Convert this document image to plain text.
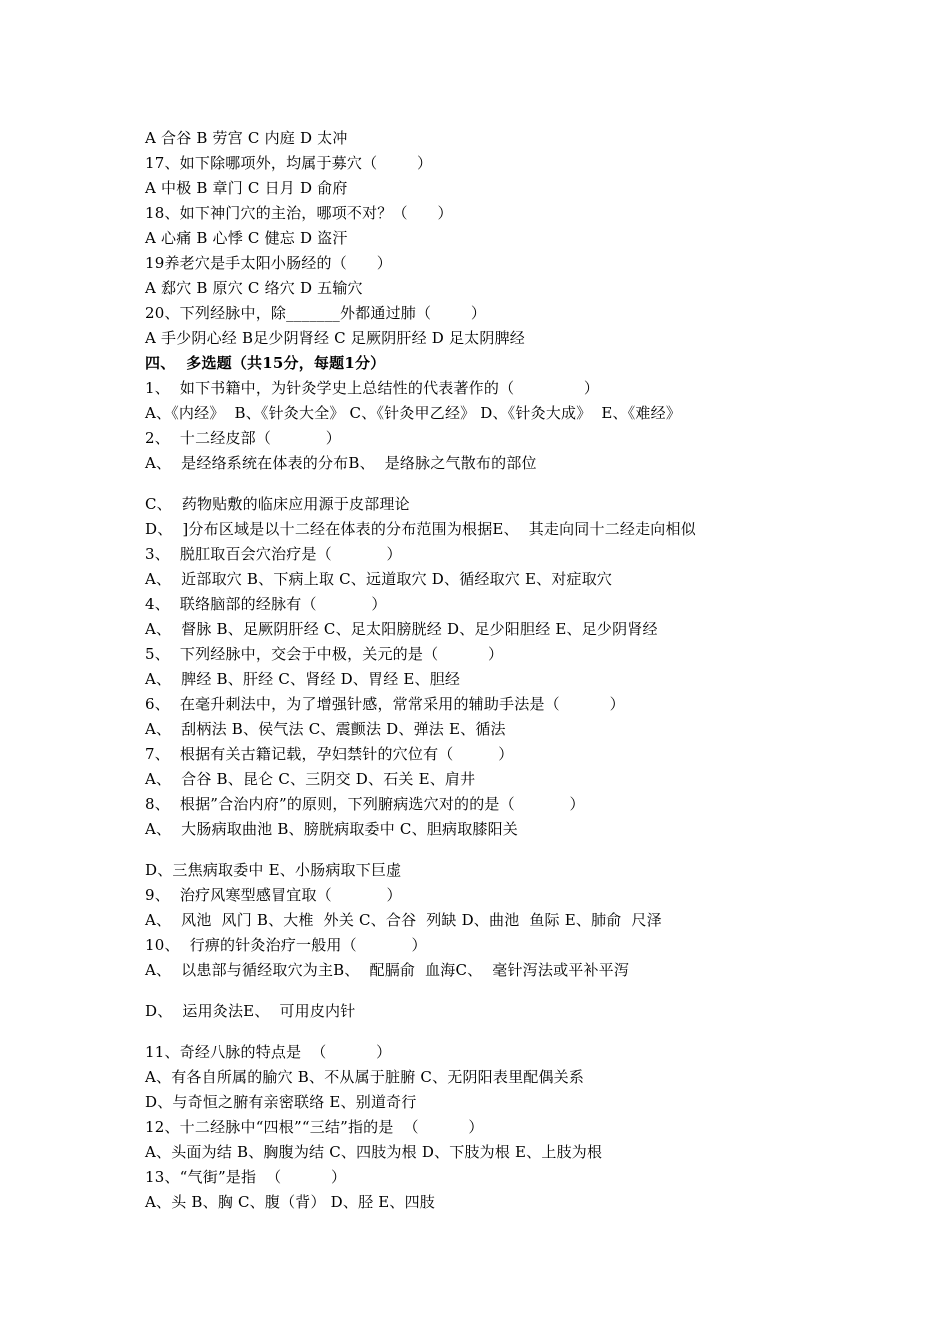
A 合谷 B 劳宫 C 内庭 D 太冲
17、如下除哪项外，均属于募穴（        ）
A 中极 B 章门 C 日月 D 俞府
18、如下神门穴的主治，哪项不对？（      ）
A 心痛 B 心悸 C 健忘 D 盗汗
19养老穴是手太阳小肠经的（      ）
A 郄穴 B 原穴 C 络穴 D 五输穴
20、下列经脉中，除_______外都通过肺（        ）
A 手少阴心经 B足少阴肾经 C 足厥阴肝经 D 足太阴脾经
四、  多选题（共15分，每题1分）
1、  如下书籍中，为针灸学史上总结性的代表著作的（              ）
A、《内经》  B、《针灸大全》 C、《针灸甲乙经》 D、《针灸大成》  E、《难经》
2、  十二经皮部（           ）
A、  是经络系统在体表的分布B、  是络脉之气散布的部位
C、  药物贴敷的临床应用源于皮部理论
D、  ]分布区域是以十二经在体表的分布范围为根据E、  其走向同十二经走向相似
3、  脱肛取百会穴治疗是（           ）
A、  近部取穴 B、下病上取 C、远道取穴 D、循经取穴 E、对症取穴
4、  联络脑部的经脉有（           ）
A、  督脉 B、足厥阴肝经 C、足太阳膀胱经 D、足少阳胆经 E、足少阴肾经
5、  下列经脉中，交会于中极，关元的是（          ）
A、  脾经 B、肝经 C、肾经 D、胃经 E、胆经
6、  在毫升刺法中，为了增强针感，常常采用的辅助手法是（          ）
A、  刮柄法 B、侯气法 C、震颤法 D、弹法 E、循法
7、  根据有关古籍记载，孕妇禁针的穴位有（         ）
A、  合谷 B、昆仑 C、三阴交 D、石关 E、肩井
8、  根据”合治内府”的原则，下列腑病选穴对的的是（           ）
A、  大肠病取曲池 B、膀胱病取委中 C、胆病取膝阳关
D、三焦病取委中 E、小肠病取下巨虚
9、  治疗风寒型感冒宜取（           ）
A、  风池  风门 B、大椎  外关 C、合谷  列缺 D、曲池  鱼际 E、肺俞  尺泽
10、  行痹的针灸治疗一般用（           ）
A、  以患部与循经取穴为主B、  配膈俞  血海C、  毫针泻法或平补平泻
D、  运用灸法E、  可用皮内针
11、奇经八脉的特点是  （          ）
A、有各自所属的腧穴 B、不从属于脏腑 C、无阴阳表里配偶关系
D、与奇恒之腑有亲密联络 E、别道奇行
12、十二经脉中“四根”“三结”指的是  （          ）
A、头面为结 B、胸腹为结 C、四肢为根 D、下肢为根 E、上肢为根
13、“气街”是指  （          ）
A、头 B、胸 C、腹（背） D、胫 E、四肢
